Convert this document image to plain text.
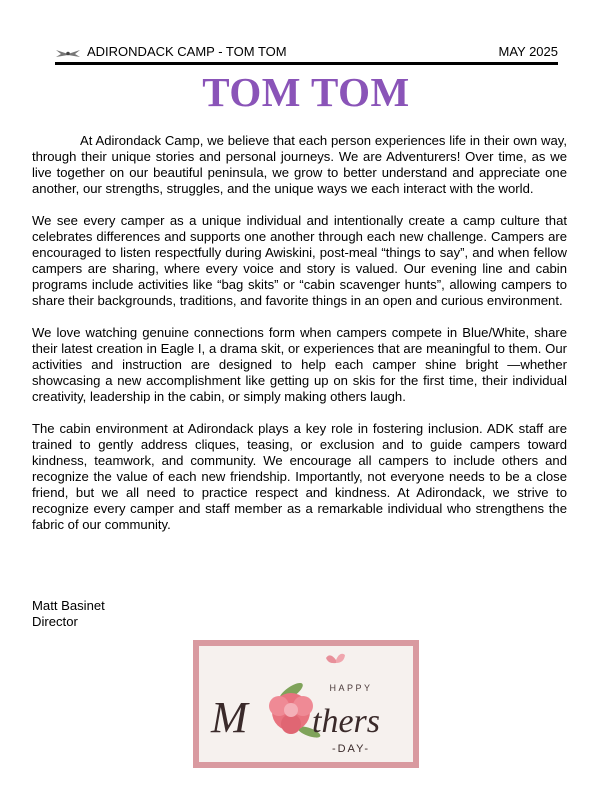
ADIRONDACK CAMP - TOM TOM	MAY 2025
TOM TOM

At Adirondack Camp, we believe that each person experiences life in their own way, through their unique stories and personal journeys. We are Adventurers! Over time, as we live together on our beautiful peninsula, we grow to better understand and appreciate one another, our strengths, struggles, and the unique ways we each interact with the world.

We see every camper as a unique individual and intentionally create a camp culture that celebrates differences and supports one another through each new challenge. Campers are encouraged to listen respectfully during Awiskini, post-meal “things to say”, and when fellow campers are sharing, where every voice and story is valued. Our evening line and cabin programs include activities like “bag skits” or “cabin scavenger hunts”, allowing campers to share their backgrounds, traditions, and favorite things in an open and curious environment.

We love watching genuine connections form when campers compete in Blue/White, share their latest creation in Eagle I, a drama skit, or experiences that are meaningful to them. Our activities and instruction are designed to help each camper shine bright —whether showcasing a new accomplishment like getting up on skis for the first time, their individual creativity, leadership in the cabin, or simply making others laugh.

The cabin environment at Adirondack plays a key role in fostering inclusion. ADK staff are trained to gently address cliques, teasing, or exclusion and to guide campers toward kindness, teamwork, and community. We encourage all campers to include others and recognize the value of each new friendship. Importantly, not everyone needs to be a close friend, but we all need to practice respect and kindness. At Adirondack, we strive to recognize every camper and staff member as a remarkable individual who strengthens the fabric of our community.

Matt Basinet
Director
HAPPY
M thers
-DAY-
